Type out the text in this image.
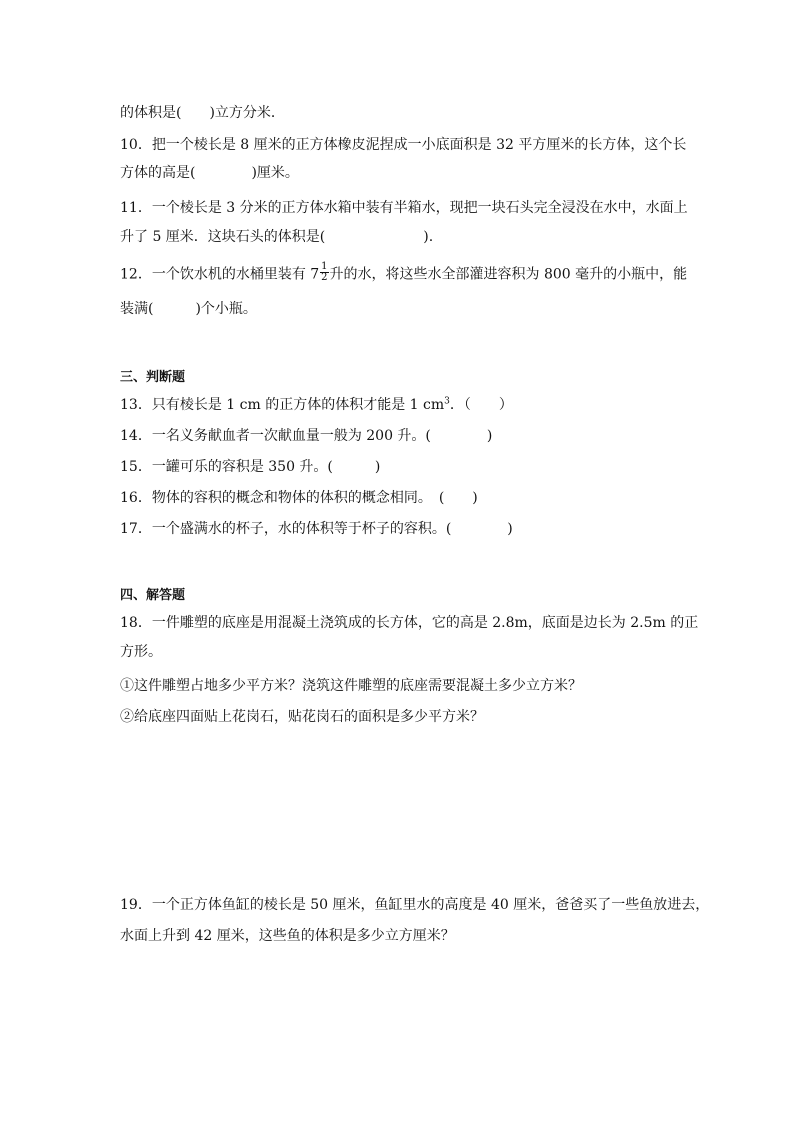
的体积是(　　)立方分米．
10．把一个棱长是 8 厘米的正方体橡皮泥捏成一小底面积是 32 平方厘米的长方体，这个长
方体的高是(　　　　)厘米。
11．一个棱长是 3 分米的正方体水箱中装有半箱水，现把一块石头完全浸没在水中，水面上
升了 5 厘米．这块石头的体积是(　　　　　　　).
12．一个饮水机的水桶里装有 $7 \frac{1}{2}$ 升的水，将这些水全部灌进容积为 800 毫升的小瓶中，能
装满(　　　)个小瓶。
三、判断题
13．只有棱长是 1 cm 的正方体的体积才能是 1 $cm^3$．（　　）
14．一名义务献血者一次献血量一般为 200 升。(　　　　)
15．一罐可乐的容积是 350 升。(　　　)
16．物体的容积的概念和物体的体积的概念相同。　(　　)
17．一个盛满水的杯子，水的体积等于杯子的容积。(　　　　)
四、解答题
18．一件雕塑的底座是用混凝土浇筑成的长方体，它的高是 2.8m，底面是边长为 2.5m 的正
方形。
①这件雕塑占地多少平方米？浇筑这件雕塑的底座需要混凝土多少立方米？
②给底座四面贴上花岗石，贴花岗石的面积是多少平方米？
19．一个正方体鱼缸的棱长是 50 厘米，鱼缸里水的高度是 40 厘米，爸爸买了一些鱼放进去，
水面上升到 42 厘米，这些鱼的体积是多少立方厘米？
